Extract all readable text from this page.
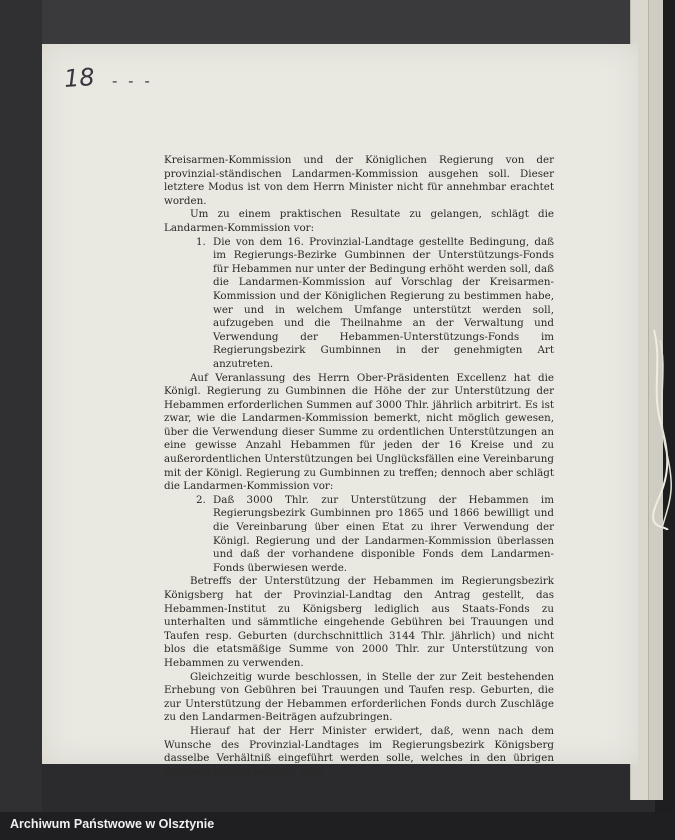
18 - - -

Kreisarmen-Kommission und der Königlichen Regierung von der provinzial-ständischen Landarmen-Kommission ausgehen soll. Dieser letztere Modus ist von dem Herrn Minister nicht für annehmbar erachtet worden.

Um zu einem praktischen Resultate zu gelangen, schlägt die Landarmen-Kommission vor:

1. Die von dem 16. Provinzial-Landtage gestellte Bedingung, daß im Regierungs-Bezirke Gumbinnen der Unterstützungs-Fonds für Hebammen nur unter der Bedingung erhöht werden soll, daß die Landarmen-Kommission auf Vorschlag der Kreisarmen-Kommission und der Königlichen Regierung zu bestimmen habe, wer und in welchem Umfange unterstützt werden soll, aufzugeben und die Theilnahme an der Verwaltung und Verwendung der Hebammen-Unterstützungs-Fonds im Regierungsbezirk Gumbinnen in der genehmigten Art anzutreten.

Auf Veranlassung des Herrn Ober-Präsidenten Excellenz hat die Königl. Regierung zu Gumbinnen die Höhe der zur Unterstützung der Hebammen erforderlichen Summen auf 3000 Thlr. jährlich arbitrirt. Es ist zwar, wie die Landarmen-Kommission bemerkt, nicht möglich gewesen, über die Verwendung dieser Summe zu ordentlichen Unterstützungen an eine gewisse Anzahl Hebammen für jeden der 16 Kreise und zu außerordentlichen Unterstützungen bei Unglücksfällen eine Vereinbarung mit der Königl. Regierung zu Gumbinnen zu treffen; dennoch aber schlägt die Landarmen-Kommission vor:

2. Daß 3000 Thlr. zur Unterstützung der Hebammen im Regierungsbezirk Gumbinnen pro 1865 und 1866 bewilligt und die Vereinbarung über einen Etat zu ihrer Verwendung der Königl. Regierung und der Landarmen-Kommission überlassen und daß der vorhandene disponible Fonds dem Landarmen-Fonds überwiesen werde.

Betreffs der Unterstützung der Hebammen im Regierungsbezirk Königsberg hat der Provinzial-Landtag den Antrag gestellt, das Hebammen-Institut zu Königsberg lediglich aus Staats-Fonds zu unterhalten und sämmtliche eingehende Gebühren bei Trauungen und Taufen resp. Geburten (durchschnittlich 3144 Thlr. jährlich) und nicht blos die etatsmäßige Summe von 2000 Thlr. zur Unterstützung von Hebammen zu verwenden.

Gleichzeitig wurde beschlossen, in Stelle der zur Zeit bestehenden Erhebung von Gebühren bei Trauungen und Taufen resp. Geburten, die zur Unterstützung der Hebammen erforderlichen Fonds durch Zuschläge zu den Landarmen-Beiträgen aufzubringen.

Hierauf hat der Herr Minister erwidert, daß, wenn nach dem Wunsche des Provinzial-Landtages im Regierungsbezirk Königsberg dasselbe Verhältniß eingeführt werden solle, welches in den übrigen Bezirken bereits bestehe, eine

Archiwum Państwowe w Olsztynie
